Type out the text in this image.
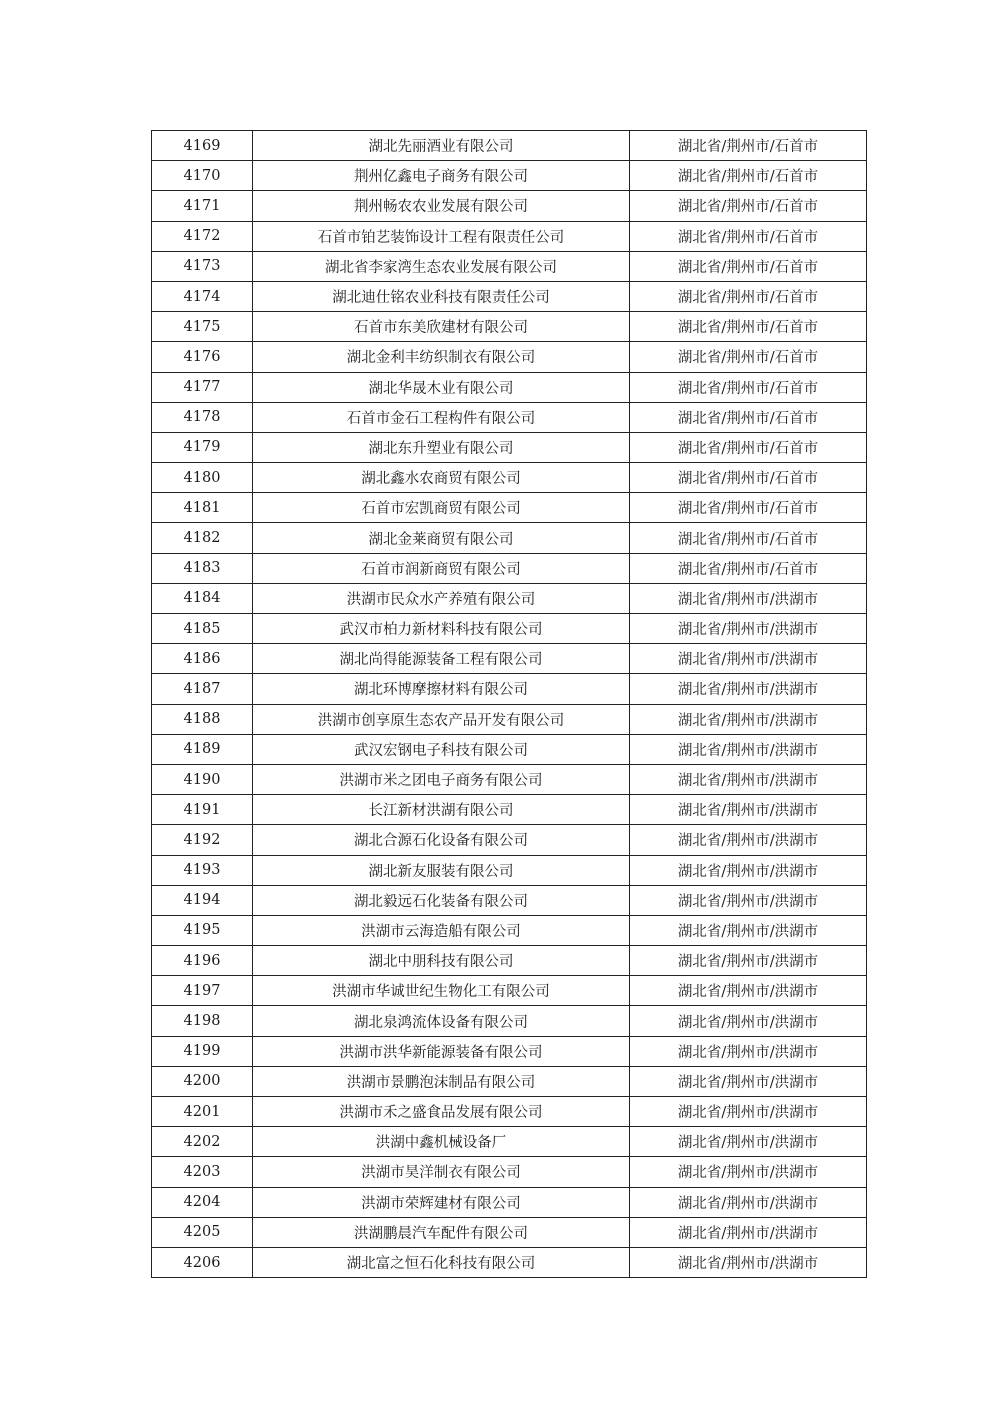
4169	湖北先丽酒业有限公司	湖北省/荆州市/石首市
4170	荆州亿鑫电子商务有限公司	湖北省/荆州市/石首市
4171	荆州畅农农业发展有限公司	湖北省/荆州市/石首市
4172	石首市铂艺装饰设计工程有限责任公司	湖北省/荆州市/石首市
4173	湖北省李家湾生态农业发展有限公司	湖北省/荆州市/石首市
4174	湖北迪仕铭农业科技有限责任公司	湖北省/荆州市/石首市
4175	石首市东美欣建材有限公司	湖北省/荆州市/石首市
4176	湖北金利丰纺织制衣有限公司	湖北省/荆州市/石首市
4177	湖北华晟木业有限公司	湖北省/荆州市/石首市
4178	石首市金石工程构件有限公司	湖北省/荆州市/石首市
4179	湖北东升塑业有限公司	湖北省/荆州市/石首市
4180	湖北鑫水农商贸有限公司	湖北省/荆州市/石首市
4181	石首市宏凯商贸有限公司	湖北省/荆州市/石首市
4182	湖北金莱商贸有限公司	湖北省/荆州市/石首市
4183	石首市润新商贸有限公司	湖北省/荆州市/石首市
4184	洪湖市民众水产养殖有限公司	湖北省/荆州市/洪湖市
4185	武汉市柏力新材料科技有限公司	湖北省/荆州市/洪湖市
4186	湖北尚得能源装备工程有限公司	湖北省/荆州市/洪湖市
4187	湖北环博摩擦材料有限公司	湖北省/荆州市/洪湖市
4188	洪湖市创享原生态农产品开发有限公司	湖北省/荆州市/洪湖市
4189	武汉宏钢电子科技有限公司	湖北省/荆州市/洪湖市
4190	洪湖市米之团电子商务有限公司	湖北省/荆州市/洪湖市
4191	长江新材洪湖有限公司	湖北省/荆州市/洪湖市
4192	湖北合源石化设备有限公司	湖北省/荆州市/洪湖市
4193	湖北新友服装有限公司	湖北省/荆州市/洪湖市
4194	湖北毅远石化装备有限公司	湖北省/荆州市/洪湖市
4195	洪湖市云海造船有限公司	湖北省/荆州市/洪湖市
4196	湖北中朋科技有限公司	湖北省/荆州市/洪湖市
4197	洪湖市华诚世纪生物化工有限公司	湖北省/荆州市/洪湖市
4198	湖北泉鸿流体设备有限公司	湖北省/荆州市/洪湖市
4199	洪湖市洪华新能源装备有限公司	湖北省/荆州市/洪湖市
4200	洪湖市景鹏泡沫制品有限公司	湖北省/荆州市/洪湖市
4201	洪湖市禾之盛食品发展有限公司	湖北省/荆州市/洪湖市
4202	洪湖中鑫机械设备厂	湖北省/荆州市/洪湖市
4203	洪湖市昊洋制衣有限公司	湖北省/荆州市/洪湖市
4204	洪湖市荣辉建材有限公司	湖北省/荆州市/洪湖市
4205	洪湖鹏晨汽车配件有限公司	湖北省/荆州市/洪湖市
4206	湖北富之恒石化科技有限公司	湖北省/荆州市/洪湖市
